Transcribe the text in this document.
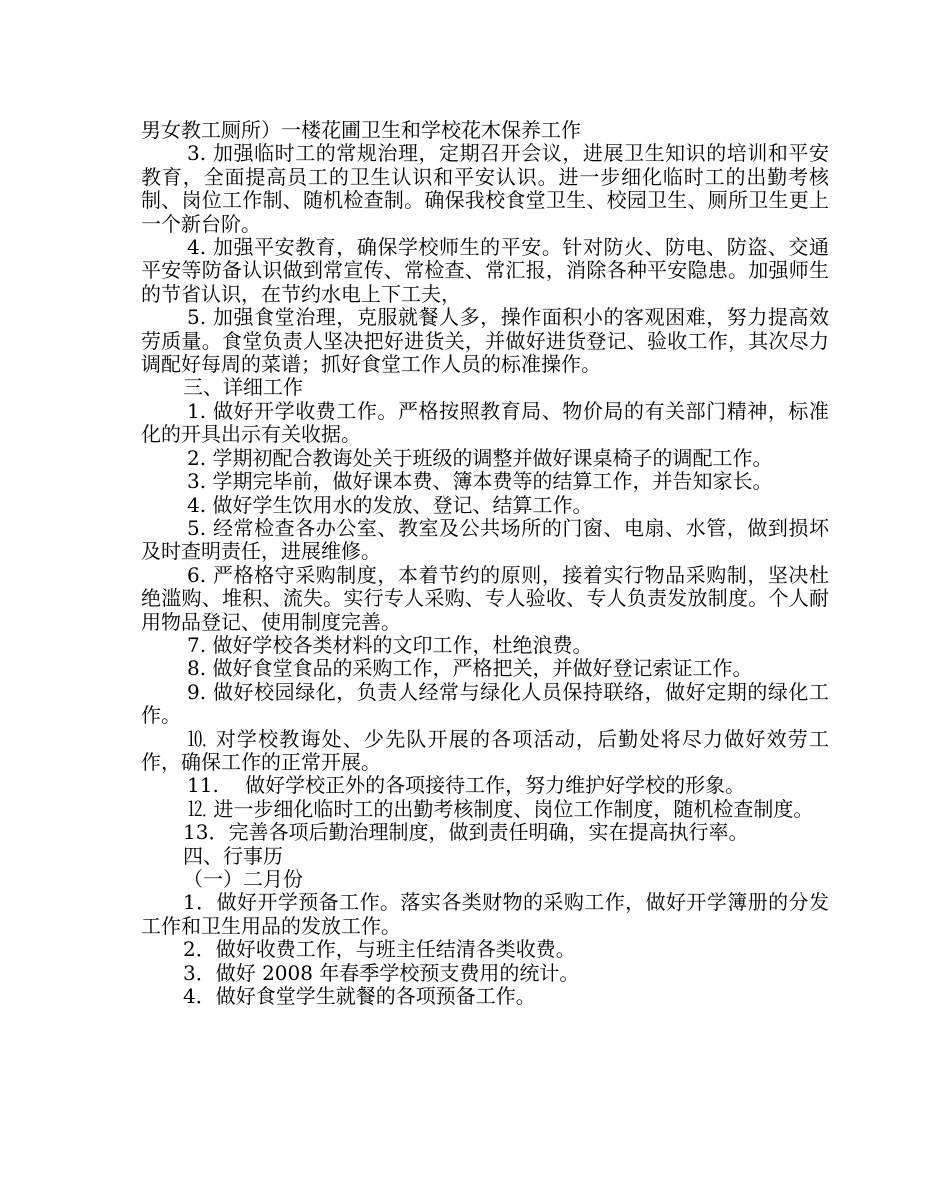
男女教工厕所）一楼花圃卫生和学校花木保养工作

3. 加强临时工的常规治理，定期召开会议，进展卫生知识的培训和平安教育，全面提高员工的卫生认识和平安认识。进一步细化临时工的出勤考核制、岗位工作制、随机检查制。确保我校食堂卫生、校园卫生、厕所卫生更上一个新台阶。

4. 加强平安教育，确保学校师生的平安。针对防火、防电、防盗、交通平安等防备认识做到常宣传、常检查、常汇报，消除各种平安隐患。加强师生的节省认识，在节约水电上下工夫，

5. 加强食堂治理，克服就餐人多，操作面积小的客观困难，努力提高效劳质量。食堂负责人坚决把好进货关，并做好进货登记、验收工作，其次尽力调配好每周的菜谱；抓好食堂工作人员的标准操作。

三、详细工作

1. 做好开学收费工作。严格按照教育局、物价局的有关部门精神，标准化的开具出示有关收据。

2. 学期初配合教诲处关于班级的调整并做好课桌椅子的调配工作。

3. 学期完毕前，做好课本费、簿本费等的结算工作，并告知家长。

4. 做好学生饮用水的发放、登记、结算工作。

5. 经常检查各办公室、教室及公共场所的门窗、电扇、水管，做到损坏及时查明责任，进展维修。

6. 严格格守采购制度，本着节约的原则，接着实行物品采购制，坚决杜绝滥购、堆积、流失。实行专人采购、专人验收、专人负责发放制度。个人耐用物品登记、使用制度完善。

7. 做好学校各类材料的文印工作，杜绝浪费。

8. 做好食堂食品的采购工作，严格把关，并做好登记索证工作。

9. 做好校园绿化，负责人经常与绿化人员保持联络，做好定期的绿化工作。

⒑ 对学校教诲处、少先队开展的各项活动，后勤处将尽力做好效劳工作，确保工作的正常开展。

11.　 做好学校正外的各项接待工作，努力维护好学校的形象。

⒓ 进一步细化临时工的出勤考核制度、岗位工作制度，随机检查制度。

13．完善各项后勤治理制度，做到责任明确，实在提高执行率。

四、行事历

（一）二月份

1．做好开学预备工作。落实各类财物的采购工作，做好开学簿册的分发工作和卫生用品的发放工作。

2．做好收费工作，与班主任结清各类收费。

3．做好 2008 年春季学校预支费用的统计。

4．做好食堂学生就餐的各项预备工作。
